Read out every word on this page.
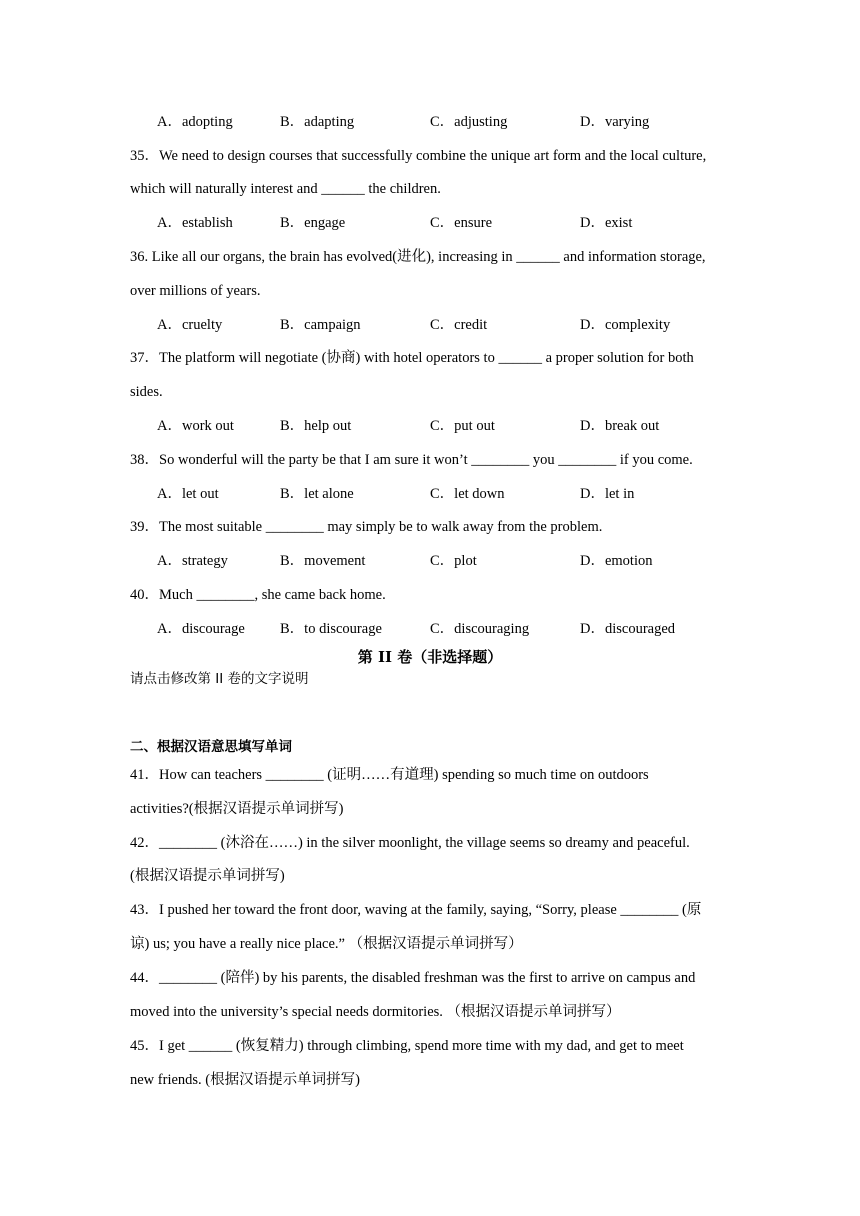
A．adopting	B．adapting	C．adjusting	D．varying
35．We need to design courses that successfully combine the unique art form and the local culture,
which will naturally interest and ______ the children.
A．establish	B．engage	C．ensure	D．exist
36. Like all our organs, the brain has evolved(进化), increasing in ______ and information storage,
over millions of years.
A．cruelty	B．campaign	C．credit	D．complexity
37．The platform will negotiate (协商) with hotel operators to ______ a proper solution for both
sides.
A．work out	B．help out	C．put out	D．break out
38．So wonderful will the party be that I am sure it won’t ________ you ________ if you come.
A．let out	B．let alone	C．let down	D．let in
39．The most suitable ________ may simply be to walk away from the problem.
A．strategy	B．movement	C．plot	D．emotion
40．Much ________, she came back home.
A．discourage B．to discourage	C．discouraging	D．discouraged
第 II 卷（非选择题）
请点击修改第 II 卷的文字说明
二、根据汉语意思填写单词
41．How can teachers ________ (证明……有道理) spending so much time on outdoors
activities?(根据汉语提示单词拼写)
42．________ (沐浴在……) in the silver moonlight, the village seems so dreamy and peaceful.
(根据汉语提示单词拼写)
43．I pushed her toward the front door, waving at the family, saying, “Sorry, please ________ (原
谅) us; you have a really nice place.” （根据汉语提示单词拼写）
44．________ (陪伴) by his parents, the disabled freshman was the first to arrive on campus and
moved into the university’s special needs dormitories. （根据汉语提示单词拼写）
45．I get ______ (恢复精力) through climbing, spend more time with my dad, and get to meet
new friends. (根据汉语提示单词拼写)
